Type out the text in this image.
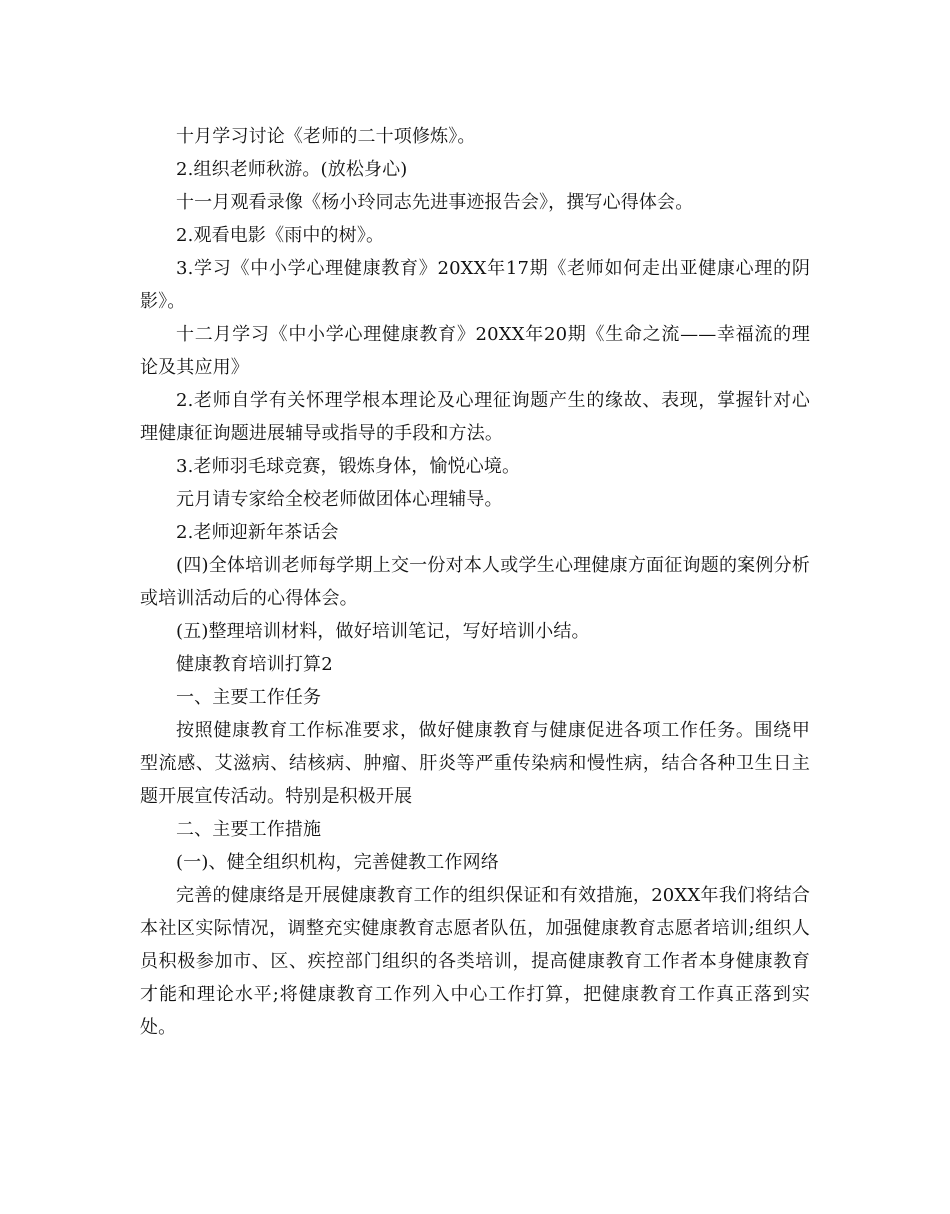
十月学习讨论《老师的二十项修炼》。

2.组织老师秋游。(放松身心)

十一月观看录像《杨小玲同志先进事迹报告会》，撰写心得体会。

2.观看电影《雨中的树》。

3.学习《中小学心理健康教育》20XX年17期《老师如何走出亚健康心理的阴影》。

十二月学习《中小学心理健康教育》20XX年20期《生命之流——幸福流的理论及其应用》

2.老师自学有关怀理学根本理论及心理征询题产生的缘故、表现，掌握针对心理健康征询题进展辅导或指导的手段和方法。

3.老师羽毛球竞赛，锻炼身体，愉悦心境。

元月请专家给全校老师做团体心理辅导。

2.老师迎新年茶话会

(四)全体培训老师每学期上交一份对本人或学生心理健康方面征询题的案例分析或培训活动后的心得体会。

(五)整理培训材料，做好培训笔记，写好培训小结。

健康教育培训打算2

一、主要工作任务

按照健康教育工作标准要求，做好健康教育与健康促进各项工作任务。围绕甲型流感、艾滋病、结核病、肿瘤、肝炎等严重传染病和慢性病，结合各种卫生日主题开展宣传活动。特别是积极开展

二、主要工作措施

(一)、健全组织机构，完善健教工作网络

完善的健康络是开展健康教育工作的组织保证和有效措施，20XX年我们将结合本社区实际情况，调整充实健康教育志愿者队伍，加强健康教育志愿者培训;组织人员积极参加市、区、疾控部门组织的各类培训，提高健康教育工作者本身健康教育才能和理论水平;将健康教育工作列入中心工作打算，把健康教育工作真正落到实处。
